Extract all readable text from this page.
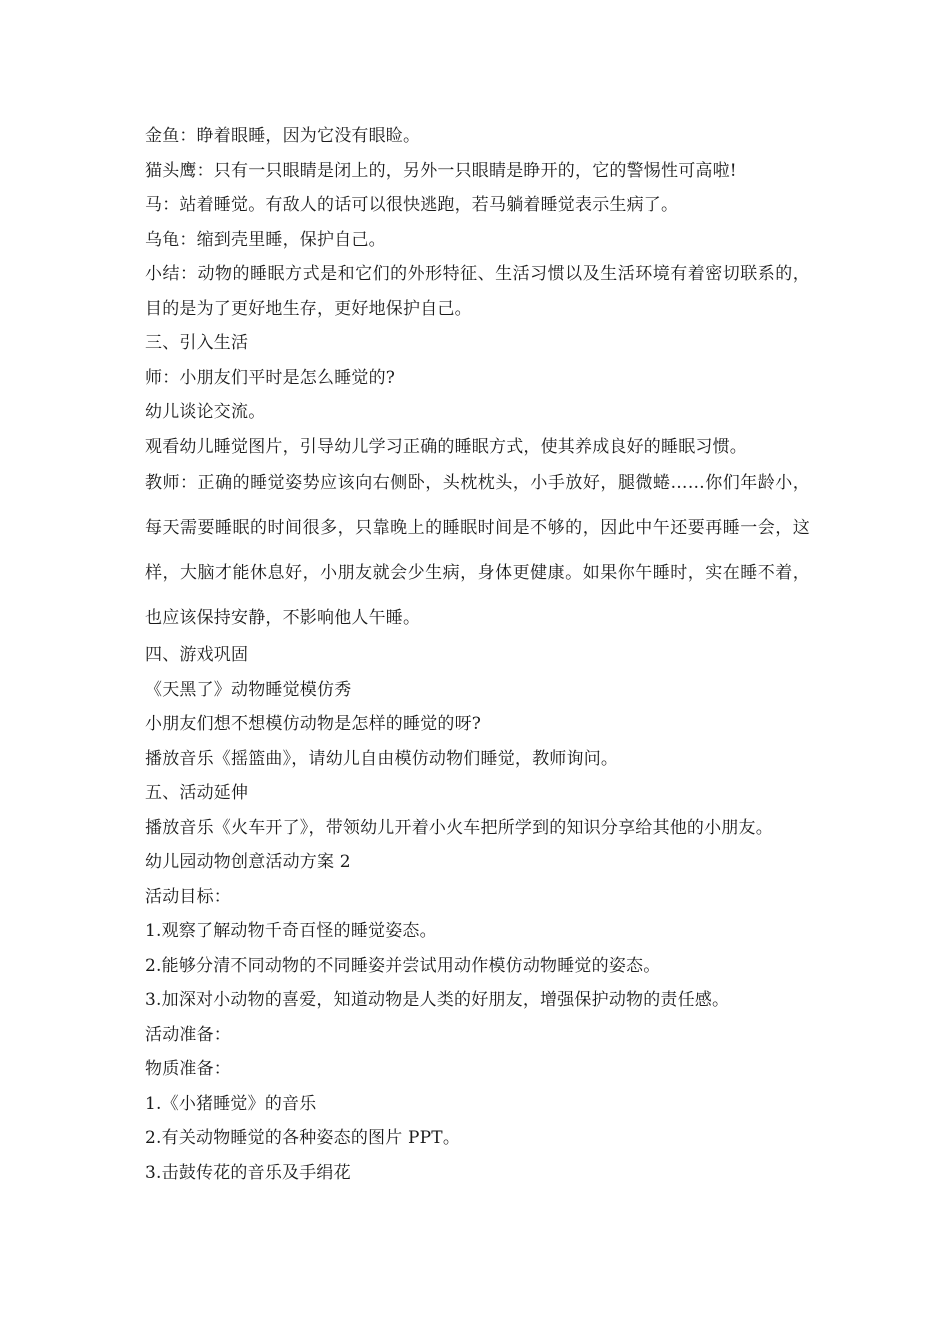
金鱼：睁着眼睡，因为它没有眼睑。
猫头鹰：只有一只眼睛是闭上的，另外一只眼睛是睁开的，它的警惕性可高啦!
马：站着睡觉。有敌人的话可以很快逃跑，若马躺着睡觉表示生病了。
乌龟：缩到壳里睡，保护自己。
小结：动物的睡眠方式是和它们的外形特征、生活习惯以及生活环境有着密切联系的，目的是为了更好地生存，更好地保护自己。
三、引入生活
师：小朋友们平时是怎么睡觉的?
幼儿谈论交流。
观看幼儿睡觉图片，引导幼儿学习正确的睡眠方式，使其养成良好的睡眠习惯。
教师：正确的睡觉姿势应该向右侧卧，头枕枕头，小手放好，腿微蜷……你们年龄小，每天需要睡眠的时间很多，只靠晚上的睡眠时间是不够的，因此中午还要再睡一会，这样，大脑才能休息好，小朋友就会少生病，身体更健康。如果你午睡时，实在睡不着，也应该保持安静，不影响他人午睡。
四、游戏巩固
《天黑了》动物睡觉模仿秀
小朋友们想不想模仿动物是怎样的睡觉的呀?
播放音乐《摇篮曲》，请幼儿自由模仿动物们睡觉，教师询问。
五、活动延伸
播放音乐《火车开了》，带领幼儿开着小火车把所学到的知识分享给其他的小朋友。
幼儿园动物创意活动方案 2
活动目标：
1.观察了解动物千奇百怪的睡觉姿态。
2.能够分清不同动物的不同睡姿并尝试用动作模仿动物睡觉的姿态。
3.加深对小动物的喜爱，知道动物是人类的好朋友，增强保护动物的责任感。
活动准备：
物质准备：
1.《小猪睡觉》的音乐
2.有关动物睡觉的各种姿态的图片 PPT。
3.击鼓传花的音乐及手绢花
